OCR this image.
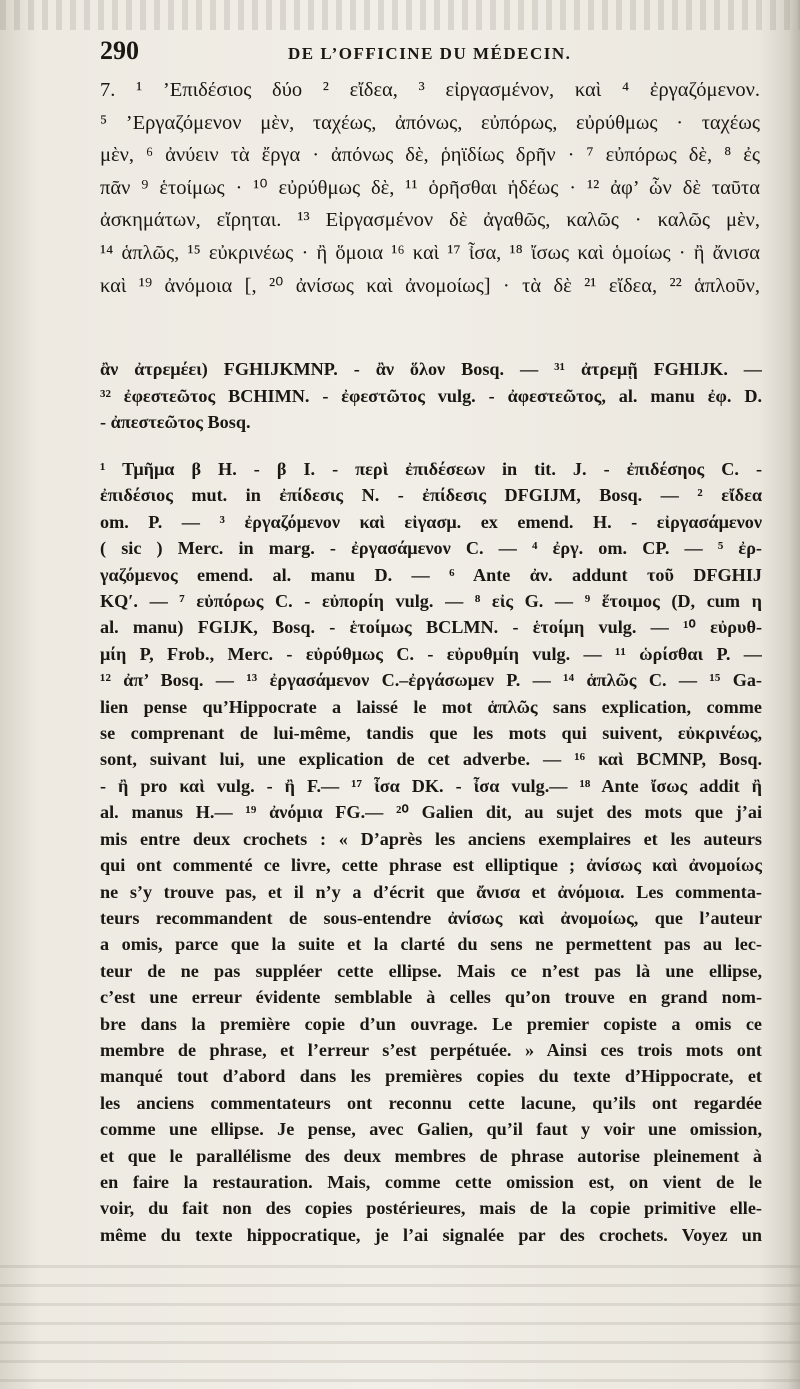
290	DE L’OFFICINE DU MÉDECIN.

7. ¹ ’Επιδέσιος δύο ² εἴδεα, ³ εἰργασμένον, καὶ ⁴ ἐργαζόμενον.

⁵ ’Εργαζόμενον μὲν, ταχέως, ἀπόνως, εὐπόρως, εὐρύθμως · ταχέως

μὲν, ⁶ ἀνύειν τὰ ἔργα · ἀπόνως δὲ, ῥηϊδίως δρῆν · ⁷ εὐπόρως δὲ, ⁸ ἐς

πᾶν ⁹ ἑτοίμως · ¹⁰ εὐρύθμως δὲ, ¹¹ ὁρῆσθαι ἡδέως · ¹² ἀφ’ ὧν δὲ ταῦτα

ἀσκημάτων, εἴρηται. ¹³ Εἰργασμένον δὲ ἀγαθῶς, καλῶς · καλῶς μὲν,

¹⁴ ἁπλῶς, ¹⁵ εὐκρινέως · ἢ ὅμοια ¹⁶ καὶ ¹⁷ ἶσα, ¹⁸ ἴσως καὶ ὁμοίως · ἢ ἄνισα

καὶ ¹⁹ ἀνόμοια [, ²⁰ ἀνίσως καὶ ἀνομοίως] · τὰ δὲ ²¹ εἴδεα, ²² ἁπλοῦν,

ἂν ἀτρεμέει) FGHIJKMNP. - ἂν ὅλον Bosq. — ³¹ ἀτρεμῇ FGHIJK. —

³² ἐφεστεῶτος BCHIMN. - ἐφεστῶτος vulg. - ἀφεστεῶτος, al. manu ἐφ. D.

- ἀπεστεῶτος Bosq.

¹ Τμῆμα β H. - β I. - περὶ ἐπιδέσεων in tit. J. - ἐπιδέσηος C. -

ἐπιδέσιος mut. in ἐπίδεσις N. - ἐπίδεσις DFGIJM, Bosq. — ² εἴδεα

om. P. — ³ ἐργαζόμενον καὶ εἰγασμ. ex emend. H. - εἰργασάμενον

( sic ) Merc. in marg. - ἐργασάμενον C. — ⁴ ἐργ. om. CP. — ⁵ ἐρ-

γαζόμενος emend. al. manu D. — ⁶ Ante ἀν. addunt τοῦ DFGHIJ

KQ′. — ⁷ εὐπόρως C. - εὐπορίη vulg. — ⁸ εἰς G. — ⁹ ἕτοιμος (D, cum η

al. manu) FGIJK, Bosq. - ἑτοίμως BCLMN. - ἑτοίμη vulg. — ¹⁰ εὐρυθ-

μίη P, Frob., Merc. - εὐρύθμως C. - εὐρυθμίη vulg. — ¹¹ ὡρίσθαι P. —

¹² ἀπ’ Bosq. — ¹³ ἐργασάμενον C.–ἐργάσωμεν P. — ¹⁴ ἁπλῶς C. — ¹⁵ Ga-

lien pense qu’Hippocrate a laissé le mot ἁπλῶς sans explication, comme

se comprenant de lui-même, tandis que les mots qui suivent, εὐκρινέως,

sont, suivant lui, une explication de cet adverbe. — ¹⁶ καὶ BCMNP, Bosq.

- ἢ pro καὶ vulg. - ἢ F.— ¹⁷ ἶσα DK. - ἶσα vulg.— ¹⁸ Ante ἴσως addit ἢ

al. manus H.— ¹⁹ ἀνόμια FG.— ²⁰ Galien dit, au sujet des mots que j’ai

mis entre deux crochets : « D’après les anciens exemplaires et les auteurs

qui ont commenté ce livre, cette phrase est elliptique ; ἀνίσως καὶ ἀνομοίως

ne s’y trouve pas, et il n’y a d’écrit que ἄνισα et ἀνόμοια. Les commenta-

teurs recommandent de sous-entendre ἀνίσως καὶ ἀνομοίως, que l’auteur

a omis, parce que la suite et la clarté du sens ne permettent pas au lec-

teur de ne pas suppléer cette ellipse. Mais ce n’est pas là une ellipse,

c’est une erreur évidente semblable à celles qu’on trouve en grand nom-

bre dans la première copie d’un ouvrage. Le premier copiste a omis ce

membre de phrase, et l’erreur s’est perpétuée. » Ainsi ces trois mots ont

manqué tout d’abord dans les premières copies du texte d’Hippocrate, et

les anciens commentateurs ont reconnu cette lacune, qu’ils ont regardée

comme une ellipse. Je pense, avec Galien, qu’il faut y voir une omission,

et que le parallélisme des deux membres de phrase autorise pleinement à

en faire la restauration. Mais, comme cette omission est, on vient de le

voir, du fait non des copies postérieures, mais de la copie primitive elle-

même du texte hippocratique, je l’ai signalée par des crochets. Voyez un
